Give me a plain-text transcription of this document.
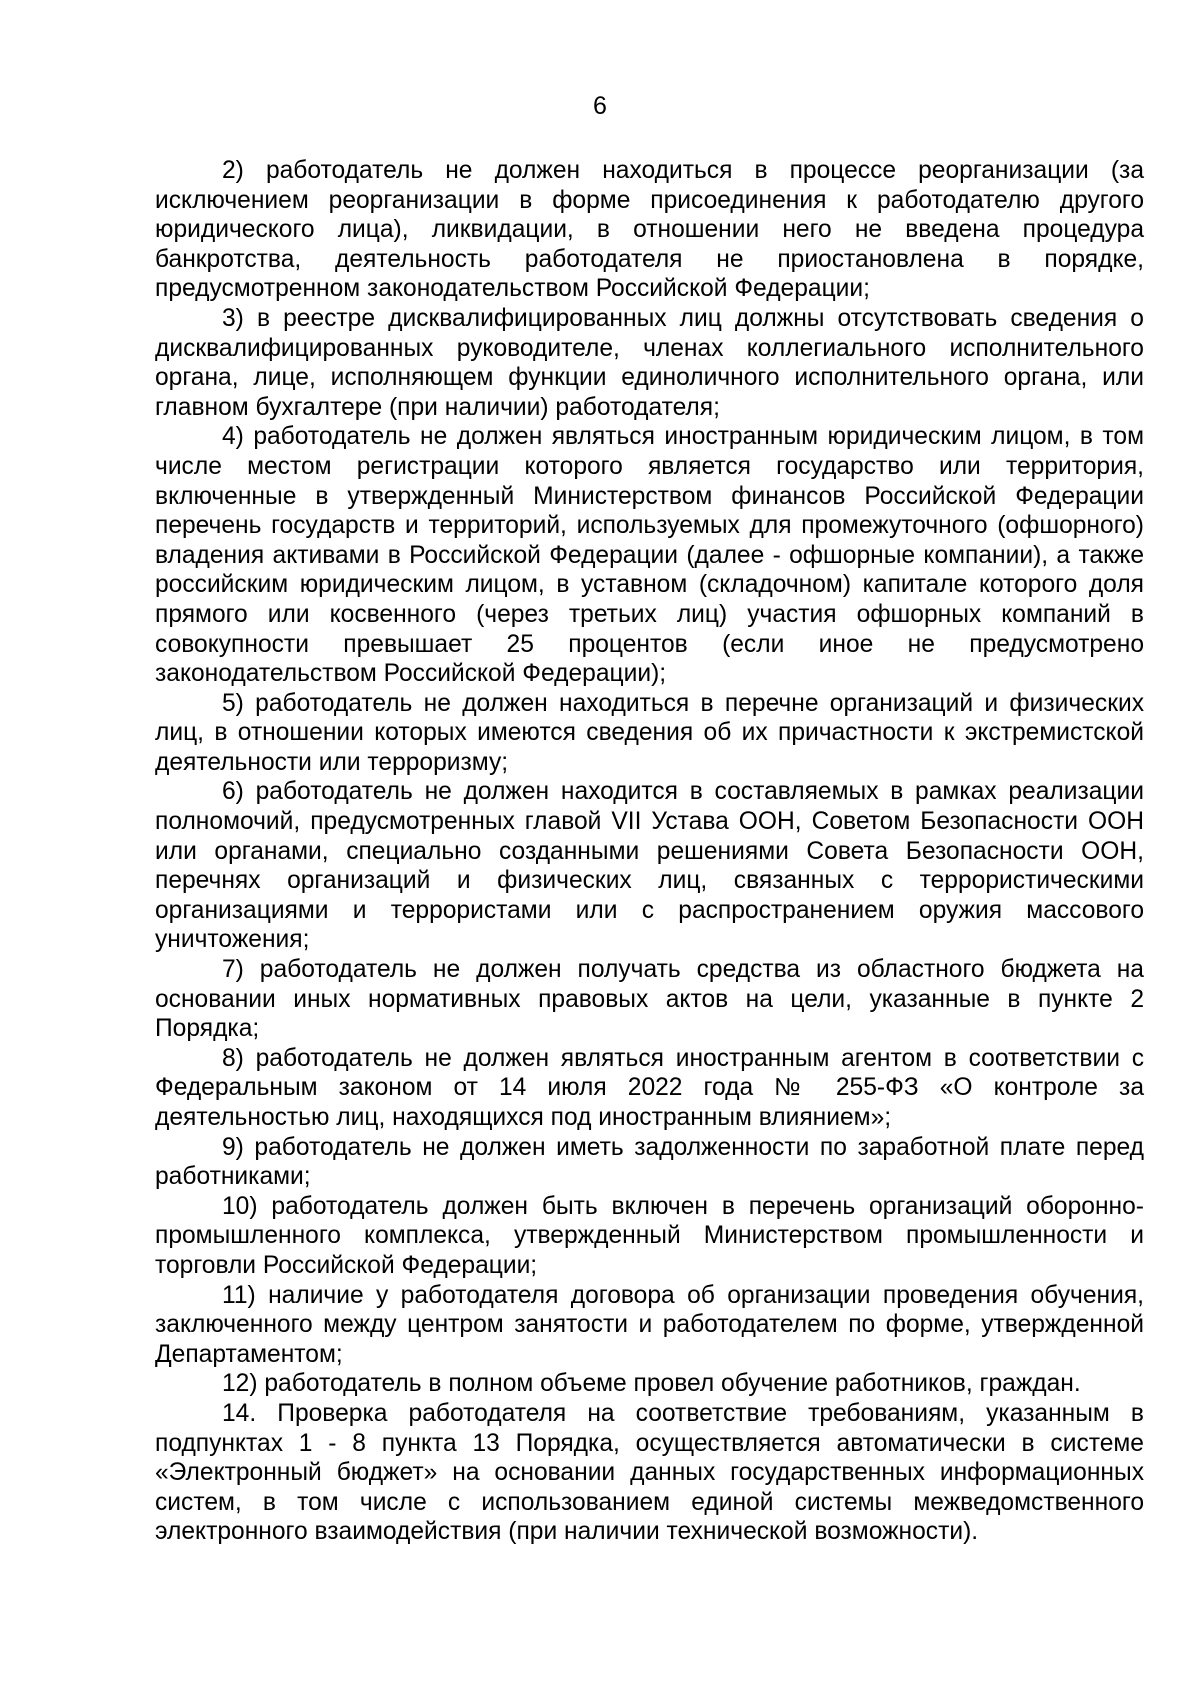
6

2) работодатель не должен находиться в процессе реорганизации (за исключением реорганизации в форме присоединения к работодателю другого юридического лица), ликвидации, в отношении него не введена процедура банкротства, деятельность работодателя не приостановлена в порядке, предусмотренном законодательством Российской Федерации;

3) в реестре дисквалифицированных лиц должны отсутствовать сведения о дисквалифицированных руководителе, членах коллегиального исполнительного органа, лице, исполняющем функции единоличного исполнительного органа, или главном бухгалтере (при наличии) работодателя;

4) работодатель не должен являться иностранным юридическим лицом, в том числе местом регистрации которого является государство или территория, включенные в утвержденный Министерством финансов Российской Федерации перечень государств и территорий, используемых для промежуточного (офшорного) владения активами в Российской Федерации (далее - офшорные компании), а также российским юридическим лицом, в уставном (складочном) капитале которого доля прямого или косвенного (через третьих лиц) участия офшорных компаний в совокупности превышает 25 процентов (если иное не предусмотрено законодательством Российской Федерации);

5) работодатель не должен находиться в перечне организаций и физических лиц, в отношении которых имеются сведения об их причастности к экстремистской деятельности или терроризму;

6) работодатель не должен находится в составляемых в рамках реализации полномочий, предусмотренных главой VII Устава ООН, Советом Безопасности ООН или органами, специально созданными решениями Совета Безопасности ООН, перечнях организаций и физических лиц, связанных с террористическими организациями и террористами или с распространением оружия массового уничтожения;

7) работодатель не должен получать средства из областного бюджета на основании иных нормативных правовых актов на цели, указанные в пункте 2 Порядка;

8) работодатель не должен являться иностранным агентом в соответствии с Федеральным законом от 14 июля 2022 года № 255-ФЗ «О контроле за деятельностью лиц, находящихся под иностранным влиянием»;

9) работодатель не должен иметь задолженности по заработной плате перед работниками;

10) работодатель должен быть включен в перечень организаций оборонно-промышленного комплекса, утвержденный Министерством промышленности и торговли Российской Федерации;

11) наличие у работодателя договора об организации проведения обучения, заключенного между центром занятости и работодателем по форме, утвержденной Департаментом;

12) работодатель в полном объеме провел обучение работников, граждан.

14. Проверка работодателя на соответствие требованиям, указанным в подпунктах 1 - 8 пункта 13 Порядка, осуществляется автоматически в системе «Электронный бюджет» на основании данных государственных информационных систем, в том числе с использованием единой системы межведомственного электронного взаимодействия (при наличии технической возможности).
